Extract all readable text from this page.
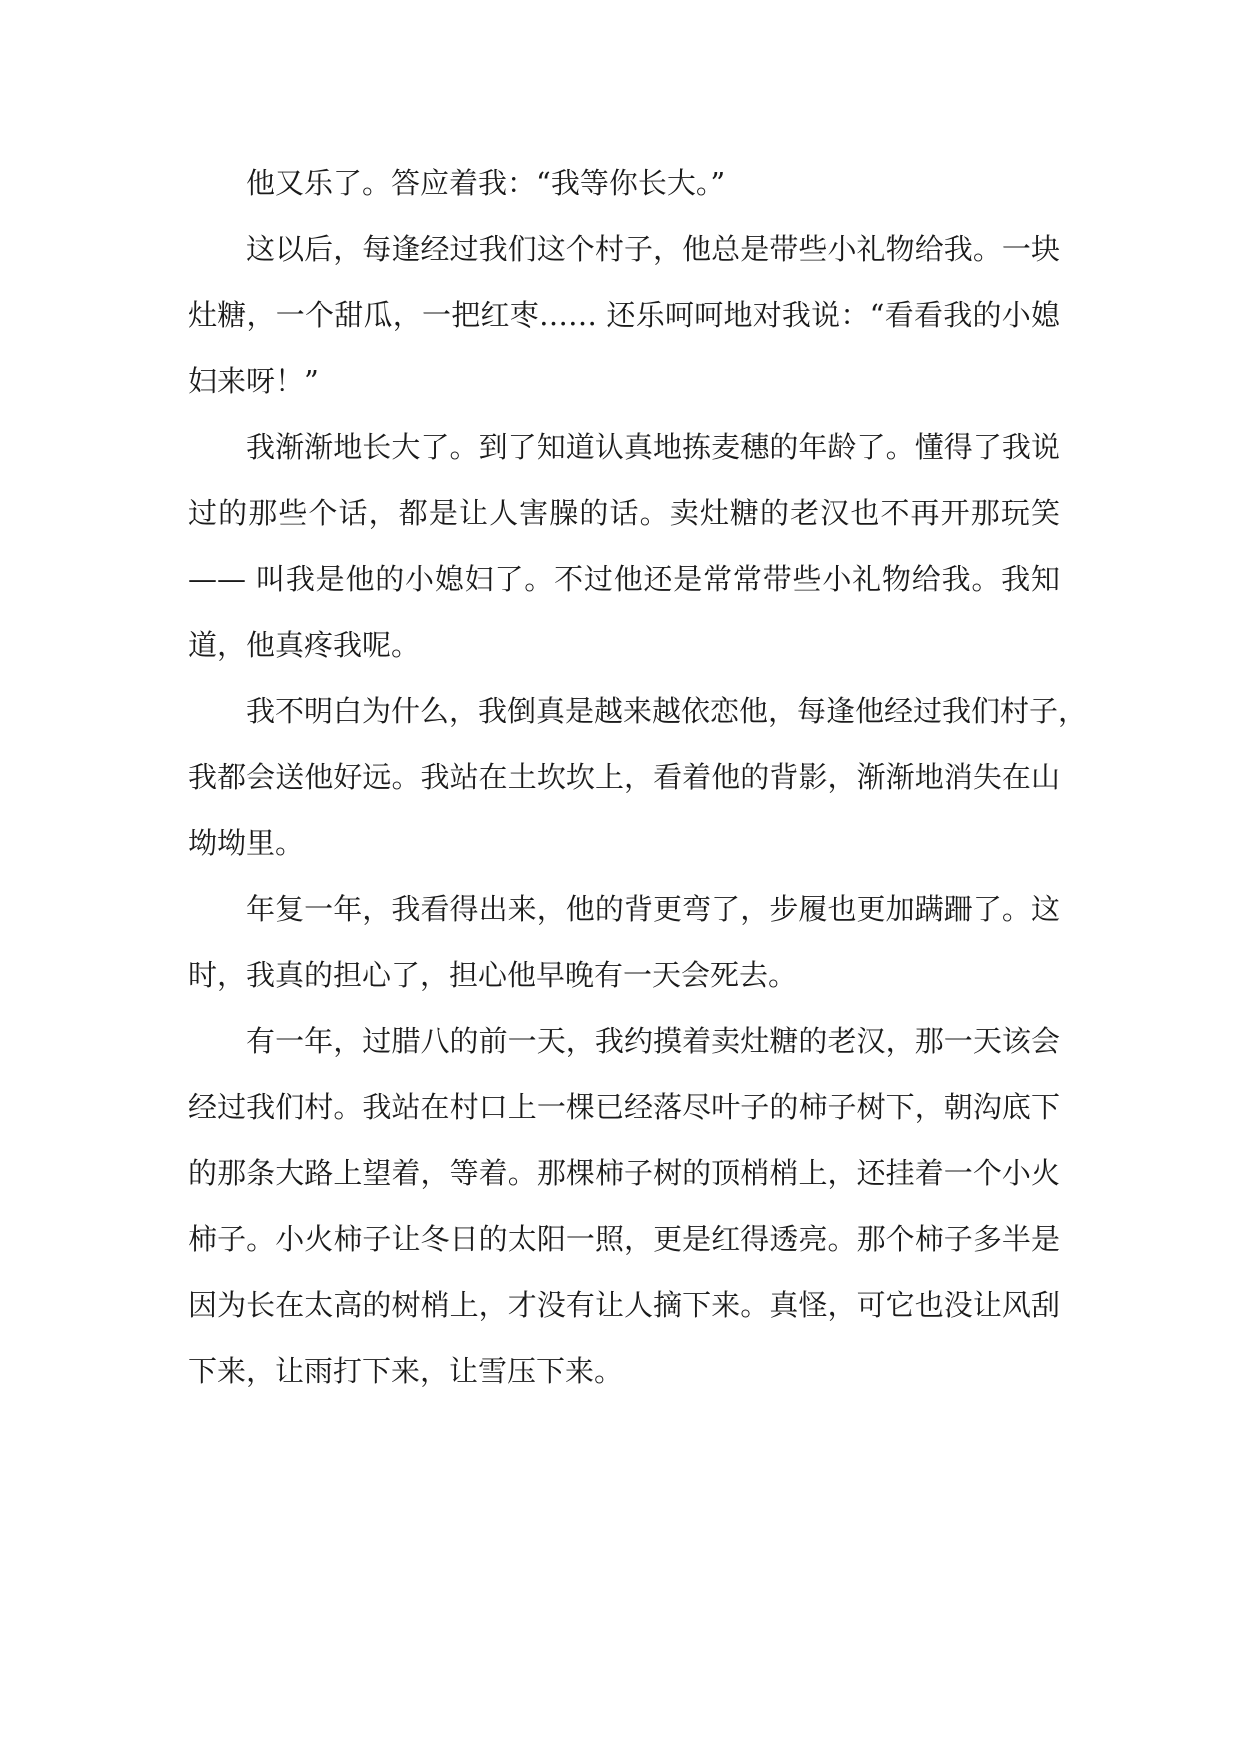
他又乐了。答应着我：“我等你长大。”
这以后，每逢经过我们这个村子，他总是带些小礼物给我。一块
灶糖，一个甜瓜，一把红枣…… 还乐呵呵地对我说：“看看我的小媳
妇来呀！”
我渐渐地长大了。到了知道认真地拣麦穗的年龄了。懂得了我说
过的那些个话，都是让人害臊的话。卖灶糖的老汉也不再开那玩笑
—— 叫我是他的小媳妇了。不过他还是常常带些小礼物给我。我知
道，他真疼我呢。
我不明白为什么，我倒真是越来越依恋他，每逢他经过我们村子，
我都会送他好远。我站在土坎坎上，看着他的背影，渐渐地消失在山
坳坳里。
年复一年，我看得出来，他的背更弯了，步履也更加蹒跚了。这
时，我真的担心了，担心他早晚有一天会死去。
有一年，过腊八的前一天，我约摸着卖灶糖的老汉，那一天该会
经过我们村。我站在村口上一棵已经落尽叶子的柿子树下，朝沟底下
的那条大路上望着，等着。那棵柿子树的顶梢梢上，还挂着一个小火
柿子。小火柿子让冬日的太阳一照，更是红得透亮。那个柿子多半是
因为长在太高的树梢上，才没有让人摘下来。真怪，可它也没让风刮
下来，让雨打下来，让雪压下来。
